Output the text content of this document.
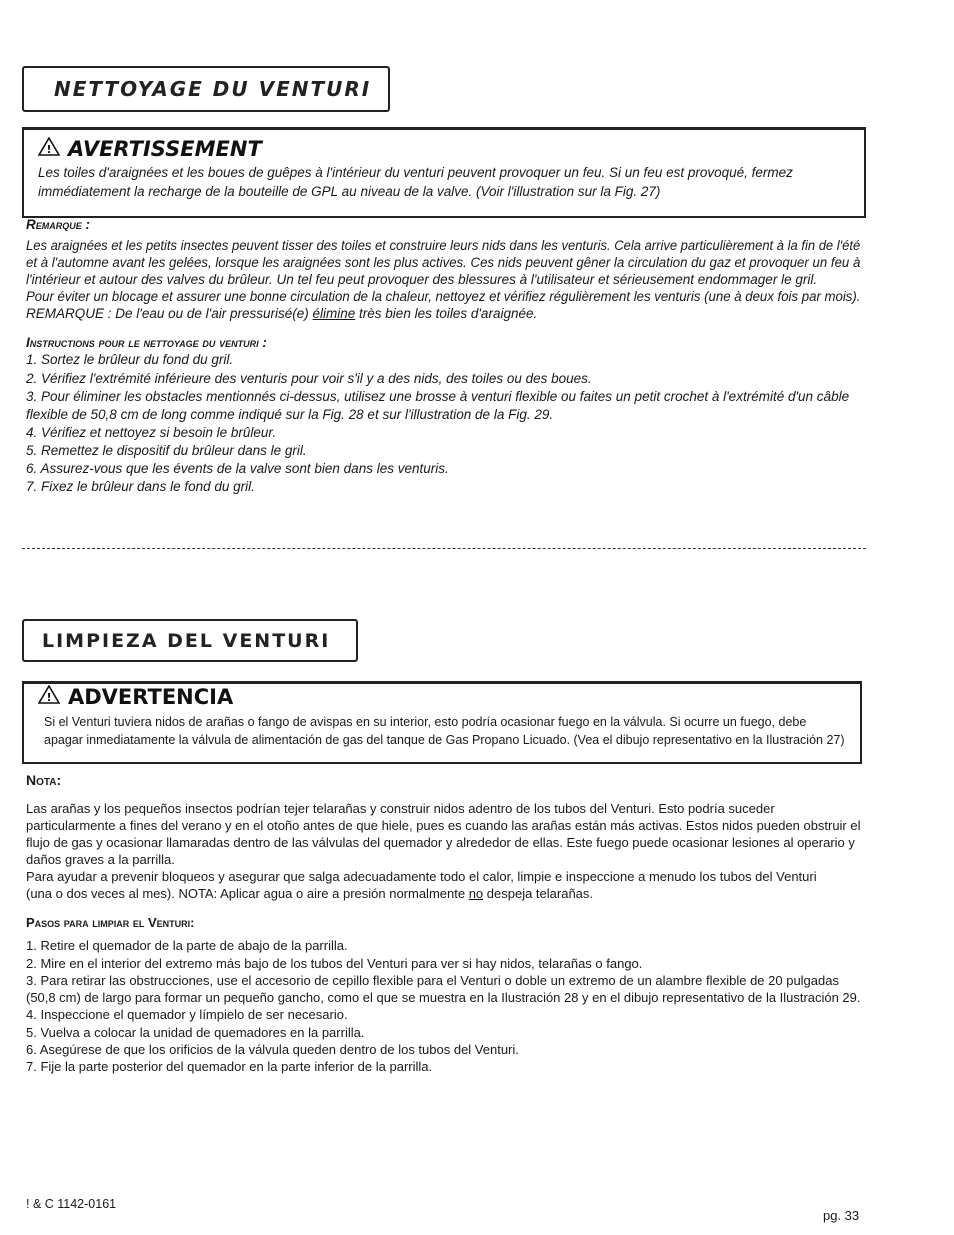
NETTOYAGE DU VENTURI
! AVERTISSEMENT
Les toiles d'araignées et les boues de guêpes à l'intérieur du venturi peuvent provoquer un feu. Si un feu est provoqué, fermez
immédiatement la recharge de la bouteille de GPL au niveau de la valve. (Voir l'illustration sur la Fig. 27)
Remarque :
Les araignées et les petits insectes peuvent tisser des toiles et construire leurs nids dans les venturis. Cela arrive particulièrement à la fin de l'été
et à l'automne avant les gelées, lorsque les araignées sont les plus actives. Ces nids peuvent gêner la circulation du gaz et provoquer un feu à
l'intérieur et autour des valves du brûleur. Un tel feu peut provoquer des blessures à l'utilisateur et sérieusement endommager le gril.
Pour éviter un blocage et assurer une bonne circulation de la chaleur, nettoyez et vérifiez régulièrement les venturis (une à deux fois par mois).
REMARQUE : De l'eau ou de l'air pressurisé(e) élimine très bien les toiles d'araignée.
Instructions pour le nettoyage du venturi :
1. Sortez le brûleur du fond du gril.
2. Vérifiez l'extrémité inférieure des venturis pour voir s'il y a des nids, des toiles ou des boues.
3. Pour éliminer les obstacles mentionnés ci-dessus, utilisez une brosse à venturi flexible ou faites un petit crochet à l'extrémité d'un câble
flexible de 50,8 cm de long comme indiqué sur la Fig. 28 et sur l'illustration de la Fig. 29.
4. Vérifiez et nettoyez si besoin le brûleur.
5. Remettez le dispositif du brûleur dans le gril.
6. Assurez-vous que les évents de la valve sont bien dans les venturis.
7. Fixez le brûleur dans le fond du gril.
LIMPIEZA DEL VENTURI
! ADVERTENCIA
Si el Venturi tuviera nidos de arañas o fango de avispas en su interior, esto podría ocasionar fuego en la válvula. Si ocurre un fuego, debe
apagar inmediatamente la válvula de alimentación de gas del tanque de Gas Propano Licuado. (Vea el dibujo representativo en la Ilustración 27)
Nota:
Las arañas y los pequeños insectos podrían tejer telarañas y construir nidos adentro de los tubos del Venturi. Esto podría suceder
particularmente a fines del verano y en el otoño antes de que hiele, pues es cuando las arañas están más activas. Estos nidos pueden obstruir el
flujo de gas y ocasionar llamaradas dentro de las válvulas del quemador y alrededor de ellas. Este fuego puede ocasionar lesiones al operario y
daños graves a la parrilla.
Para ayudar a prevenir bloqueos y asegurar que salga adecuadamente todo el calor, limpie e inspeccione a menudo los tubos del Venturi
(una o dos veces al mes). NOTA: Aplicar agua o aire a presión normalmente no despeja telarañas.
Pasos para limpiar el Venturi:
1. Retire el quemador de la parte de abajo de la parrilla.
2. Mire en el interior del extremo más bajo de los tubos del Venturi para ver si hay nidos, telarañas o fango.
3. Para retirar las obstrucciones, use el accesorio de cepillo flexible para el Venturi o doble un extremo de un alambre flexible de 20 pulgadas
(50,8 cm) de largo para formar un pequeño gancho, como el que se muestra en la Ilustración 28 y en el dibujo representativo de la Ilustración 29.
4. Inspeccione el quemador y límpielo de ser necesario.
5. Vuelva a colocar la unidad de quemadores en la parrilla.
6. Asegúrese de que los orificios de la válvula queden dentro de los tubos del Venturi.
7. Fije la parte posterior del quemador en la parte inferior de la parrilla.
! & C 1142-0161
pg. 33
